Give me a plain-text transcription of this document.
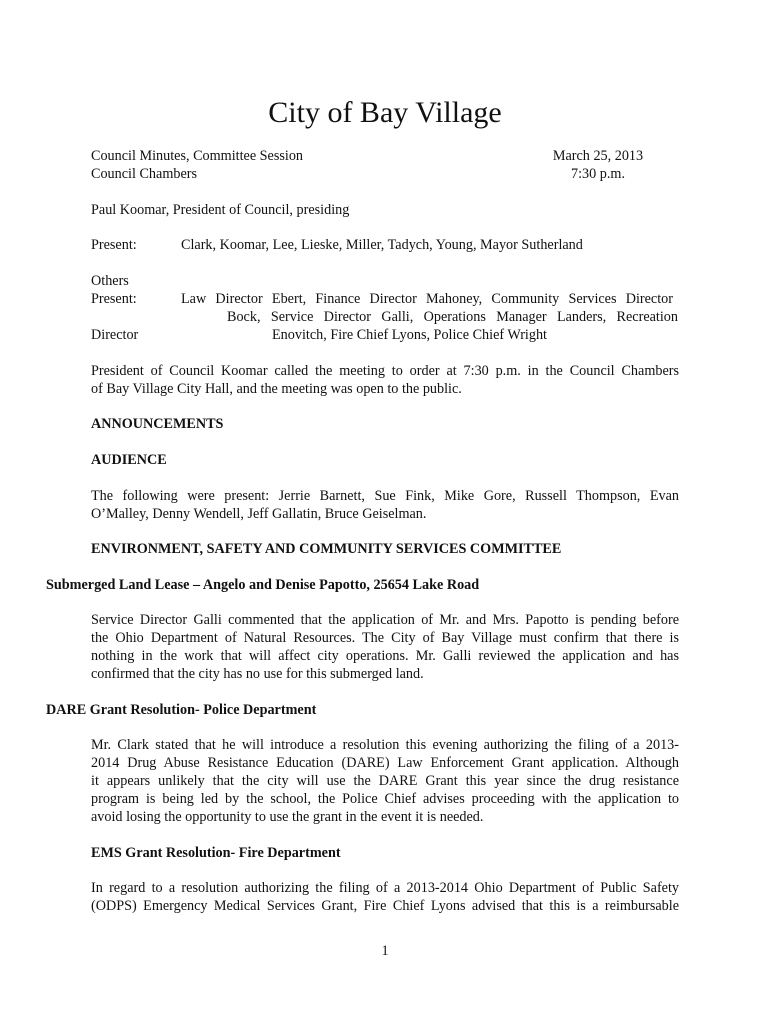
City of Bay Village
Council Minutes, Committee Session
Council Chambers
March 25, 2013
7:30 p.m.
Paul Koomar, President of Council, presiding
Present:	Clark, Koomar, Lee, Lieske, Miller, Tadych, Young, Mayor Sutherland
Others
Present:
Director
Law Director Ebert, Finance Director Mahoney, Community Services Director
Bock, Service Director Galli, Operations Manager Landers, Recreation
Enovitch, Fire Chief Lyons, Police Chief Wright
President of Council Koomar called the meeting to order at 7:30 p.m. in the Council Chambers
of Bay Village City Hall, and the meeting was open to the public.
ANNOUNCEMENTS
AUDIENCE
The following were present: Jerrie Barnett, Sue Fink, Mike Gore, Russell Thompson, Evan
O’Malley, Denny Wendell, Jeff Gallatin, Bruce Geiselman.
ENVIRONMENT, SAFETY AND COMMUNITY SERVICES COMMITTEE
Submerged Land Lease – Angelo and Denise Papotto, 25654 Lake Road
Service Director Galli commented that the application of Mr. and Mrs. Papotto is pending before
the Ohio Department of Natural Resources. The City of Bay Village must confirm that there is
nothing in the work that will affect city operations. Mr. Galli reviewed the application and has
confirmed that the city has no use for this submerged land.
DARE Grant Resolution- Police Department
Mr. Clark stated that he will introduce a resolution this evening authorizing the filing of a 2013-
2014 Drug Abuse Resistance Education (DARE) Law Enforcement Grant application. Although
it appears unlikely that the city will use the DARE Grant this year since the drug resistance
program is being led by the school, the Police Chief advises proceeding with the application to
avoid losing the opportunity to use the grant in the event it is needed.
EMS Grant Resolution- Fire Department
In regard to a resolution authorizing the filing of a 2013-2014 Ohio Department of Public Safety
(ODPS) Emergency Medical Services Grant, Fire Chief Lyons advised that this is a reimbursable
1
